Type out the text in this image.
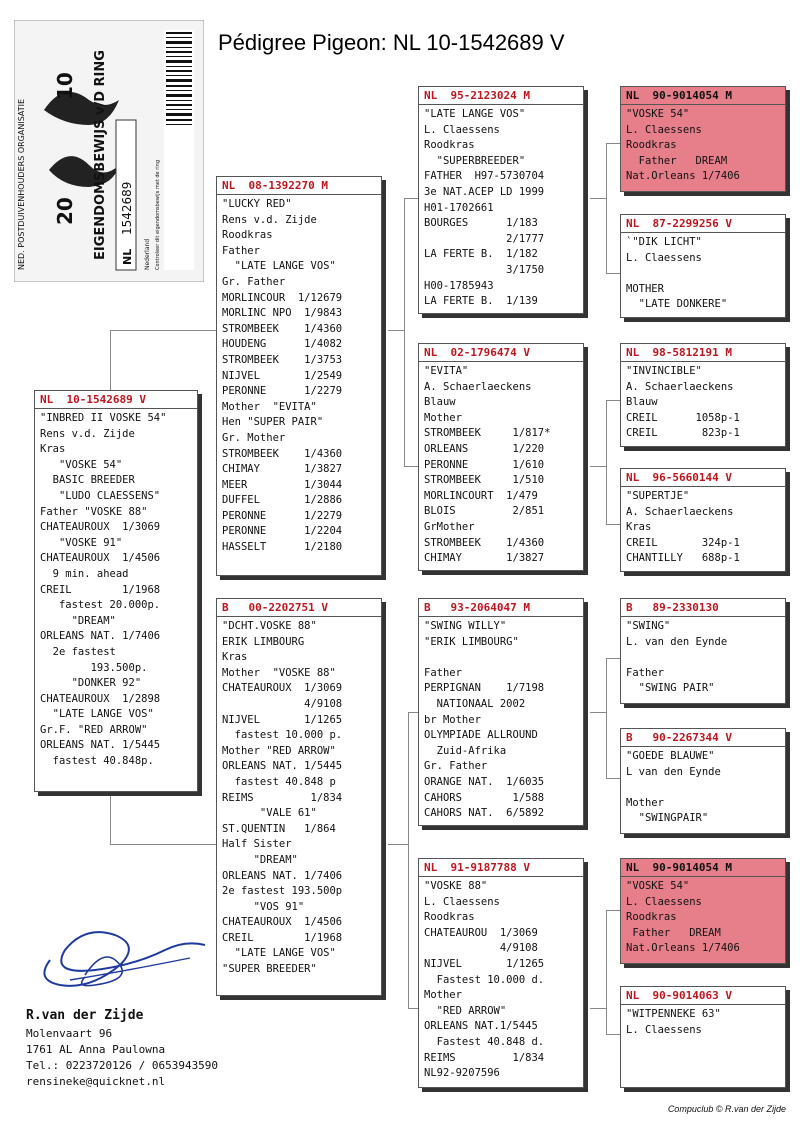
Pédigree Pigeon: NL 10-1542689 V
NED. POSTDUIVENHOUDERS ORGANISATIE 20
10 EIGENDOMSBEWIJS v/D RING NL
1542689
Nederland Controleer dit eigendomsbewijs met de ring
NL  10-1542689 V
"INBRED II VOSKE 54"
Rens v.d. Zijde
Kras
"VOSKE 54"
BASIC BREEDER
"LUDO CLAESSENS"
Father "VOSKE 88"
CHATEAUROUX  1/3069
"VOSKE 91"
CHATEAUROUX  1/4506
9 min. ahead
CREIL        1/1968
fastest 20.000p.
"DREAM"
ORLEANS NAT. 1/7406
2e fastest
193.500p.
"DONKER 92"
CHATEAUROUX  1/2898
"LATE LANGE VOS"
Gr.F. "RED ARROW"
ORLEANS NAT. 1/5445
fastest 40.848p.
NL  08-1392270 M
"LUCKY RED"
Rens v.d. Zijde
Roodkras
Father
"LATE LANGE VOS"
Gr. Father
MORLINCOUR  1/12679
MORLINC NPO  1/9843
STROMBEEK    1/4360
HOUDENG      1/4082
STROMBEEK    1/3753
NIJVEL       1/2549
PERONNE      1/2279
Mother  "EVITA"
Hen "SUPER PAIR"
Gr. Mother
STROMBEEK    1/4360
CHIMAY       1/3827
MEER         1/3044
DUFFEL       1/2886
PERONNE      1/2279
PERONNE      1/2204
HASSELT      1/2180
B   00-2202751 V
"DCHT.VOSKE 88"
ERIK LIMBOURG
Kras
Mother  "VOSKE 88"
CHATEAUROUX  1/3069
4/9108
NIJVEL       1/1265
fastest 10.000 p.
Mother "RED ARROW"
ORLEANS NAT. 1/5445
fastest 40.848 p
REIMS         1/834
"VALE 61"
ST.QUENTIN   1/864
Half Sister
"DREAM"
ORLEANS NAT. 1/7406
2e fastest 193.500p
"VOS 91"
CHATEAUROUX  1/4506
CREIL        1/1968
"LATE LANGE VOS"
"SUPER BREEDER"
NL  95-2123024 M
"LATE LANGE VOS"
L. Claessens
Roodkras
"SUPERBREEDER"
FATHER  H97-5730704
3e NAT.ACEP LD 1999
H01-1702661
BOURGES      1/183
2/1777
LA FERTE B.  1/182
3/1750
H00-1785943
LA FERTE B.  1/139
NL  02-1796474 V
"EVITA"
A. Schaerlaeckens
Blauw
Mother
STROMBEEK     1/817*
ORLEANS       1/220
PERONNE       1/610
STROMBEEK     1/510
MORLINCOURT  1/479
BLOIS         2/851
GrMother
STROMBEEK    1/4360
CHIMAY       1/3827
B   93-2064047 M
"SWING WILLY"
"ERIK LIMBOURG"

Father
PERPIGNAN    1/7198
NATIONAAL 2002
br Mother
OLYMPIADE ALLROUND
Zuid-Afrika
Gr. Father
ORANGE NAT.  1/6035
CAHORS        1/588
CAHORS NAT.  6/5892
NL  91-9187788 V
"VOSKE 88"
L. Claessens
Roodkras
CHATEAUROU  1/3069
4/9108
NIJVEL       1/1265
Fastest 10.000 d.
Mother
"RED ARROW"
ORLEANS NAT.1/5445
Fastest 40.848 d.
REIMS         1/834
NL92-9207596
NL  90-9014054 M
"VOSKE 54"
L. Claessens
Roodkras
Father   DREAM
Nat.Orleans 1/7406
NL  87-2299256 V
`"DIK LICHT"
L. Claessens

MOTHER
"LATE DONKERE"
NL  98-5812191 M
"INVINCIBLE"
A. Schaerlaeckens
Blauw
CREIL      1058p-1
CREIL       823p-1
NL  96-5660144 V
"SUPERTJE"
A. Schaerlaeckens
Kras
CREIL       324p-1
CHANTILLY   688p-1
B   89-2330130
"SWING"
L. van den Eynde

Father
"SWING PAIR"
B   90-2267344 V
"GOEDE BLAUWE"
L van den Eynde

Mother
"SWINGPAIR"
NL  90-9014054 M
"VOSKE 54"
L. Claessens
Roodkras
Father   DREAM
Nat.Orleans 1/7406
NL  90-9014063 V
"WITPENNEKE 63"
L. Claessens
R.van der Zijde
Molenvaart 96
1761 AL Anna Paulowna
Tel.: 0223720126 / 0653943590
rensineke@quicknet.nl
Compuclub © R.van der Zijde
